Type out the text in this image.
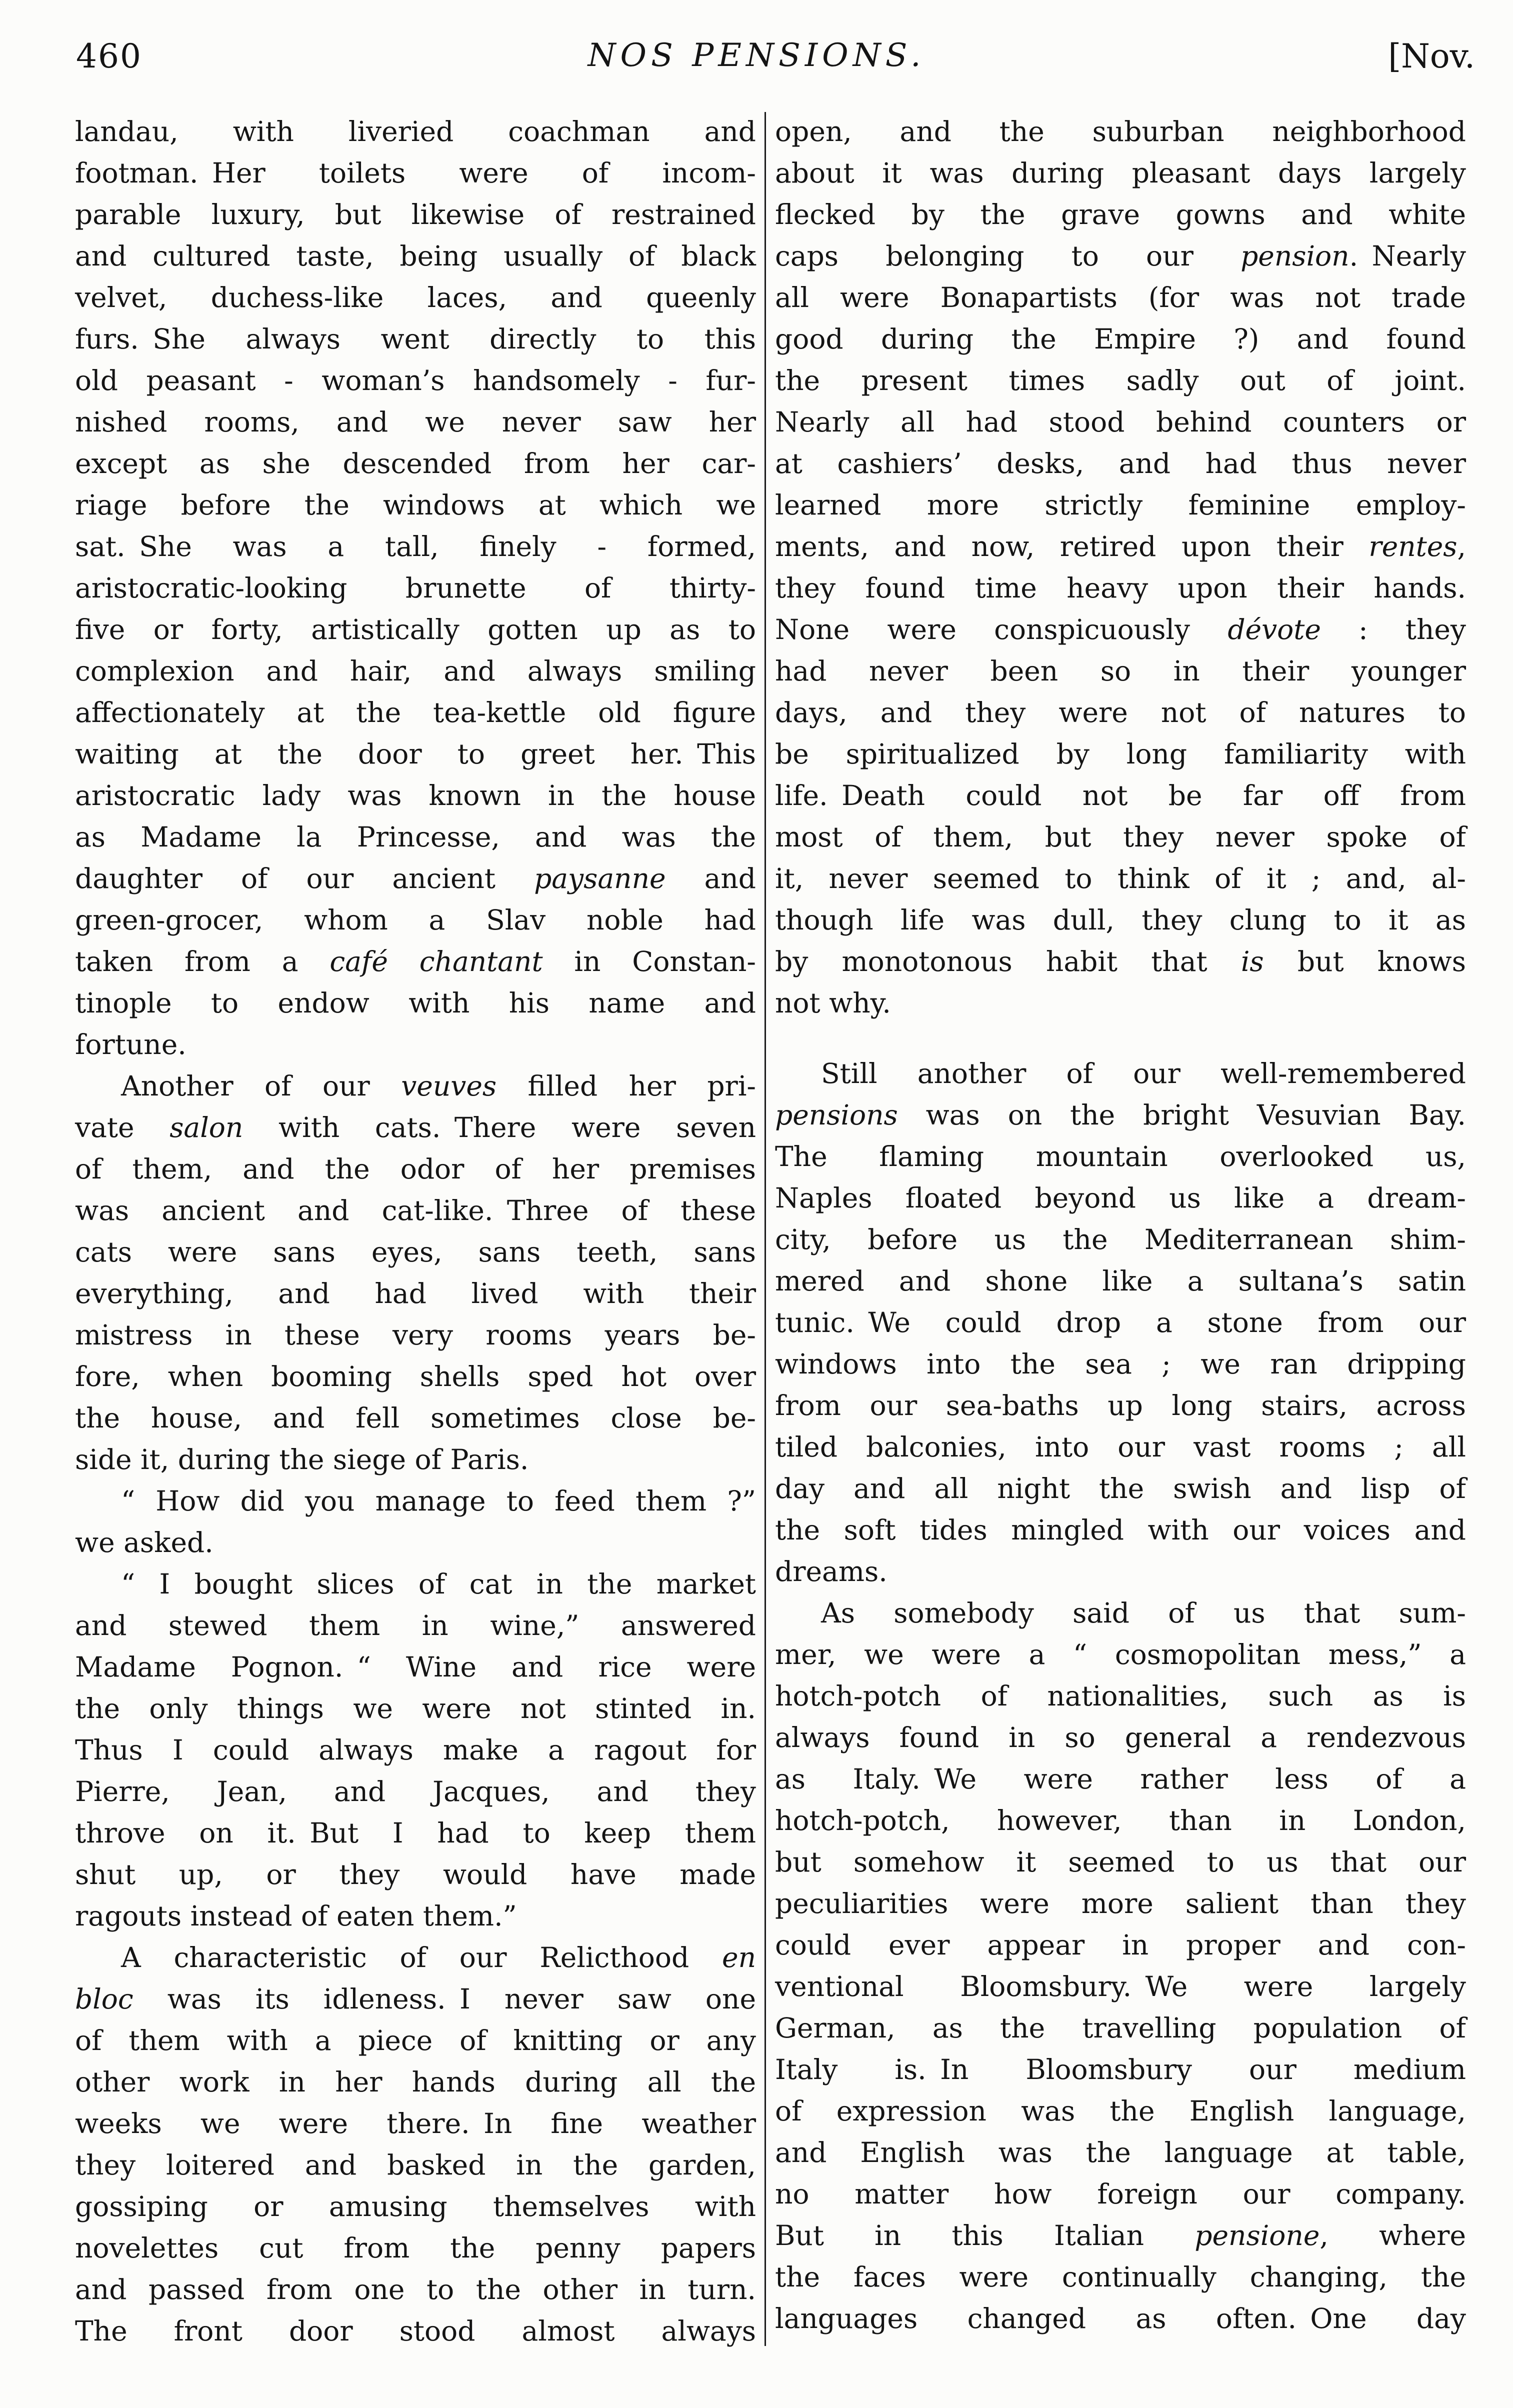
460	NOS PENSIONS.	[Nov.
landau, with liveried coachman and
footman. Her toilets were of incom-
parable luxury, but likewise of restrained
and cultured taste, being usually of black
velvet, duchess-like laces, and queenly
furs. She always went directly to this
old peasant - woman’s handsomely - fur-
nished rooms, and we never saw her
except as she descended from her car-
riage before the windows at which we
sat. She was a tall, finely - formed,
aristocratic-looking brunette of thirty-
five or forty, artistically gotten up as to
complexion and hair, and always smiling
affectionately at the tea-kettle old figure
waiting at the door to greet her. This
aristocratic lady was known in the house
as Madame la Princesse, and was the
daughter of our ancient paysanne and
green-grocer, whom a Slav noble had
taken from a café chantant in Constan-
tinople to endow with his name and
fortune.
Another of our veuves filled her pri-
vate salon with cats. There were seven
of them, and the odor of her premises
was ancient and cat-like. Three of these
cats were sans eyes, sans teeth, sans
everything, and had lived with their
mistress in these very rooms years be-
fore, when booming shells sped hot over
the house, and fell sometimes close be-
side it, during the siege of Paris.
“ How did you manage to feed them ?”
we asked.
“ I bought slices of cat in the market
and stewed them in wine,” answered
Madame Pognon. “ Wine and rice were
the only things we were not stinted in.
Thus I could always make a ragout for
Pierre, Jean, and Jacques, and they
throve on it. But I had to keep them
shut up, or they would have made
ragouts instead of eaten them.”
A characteristic of our Relicthood en
bloc was its idleness. I never saw one
of them with a piece of knitting or any
other work in her hands during all the
weeks we were there. In fine weather
they loitered and basked in the garden,
gossiping or amusing themselves with
novelettes cut from the penny papers
and passed from one to the other in turn.
The front door stood almost always
open, and the suburban neighborhood
about it was during pleasant days largely
flecked by the grave gowns and white
caps belonging to our pension. Nearly
all were Bonapartists (for was not trade
good during the Empire ?) and found
the present times sadly out of joint.
Nearly all had stood behind counters or
at cashiers’ desks, and had thus never
learned more strictly feminine employ-
ments, and now, retired upon their rentes,
they found time heavy upon their hands.
None were conspicuously dévote : they
had never been so in their younger
days, and they were not of natures to
be spiritualized by long familiarity with
life. Death could not be far off from
most of them, but they never spoke of
it, never seemed to think of it ; and, al-
though life was dull, they clung to it as
by monotonous habit that is but knows
not why.
Still another of our well-remembered
pensions was on the bright Vesuvian Bay.
The flaming mountain overlooked us,
Naples floated beyond us like a dream-
city, before us the Mediterranean shim-
mered and shone like a sultana’s satin
tunic. We could drop a stone from our
windows into the sea ; we ran dripping
from our sea-baths up long stairs, across
tiled balconies, into our vast rooms ; all
day and all night the swish and lisp of
the soft tides mingled with our voices and
dreams.
As somebody said of us that sum-
mer, we were a “ cosmopolitan mess,” a
hotch-potch of nationalities, such as is
always found in so general a rendezvous
as Italy. We were rather less of a
hotch-potch, however, than in London,
but somehow it seemed to us that our
peculiarities were more salient than they
could ever appear in proper and con-
ventional Bloomsbury. We were largely
German, as the travelling population of
Italy is. In Bloomsbury our medium
of expression was the English language,
and English was the language at table,
no matter how foreign our company.
But in this Italian pensione, where
the faces were continually changing, the
languages changed as often. One day
